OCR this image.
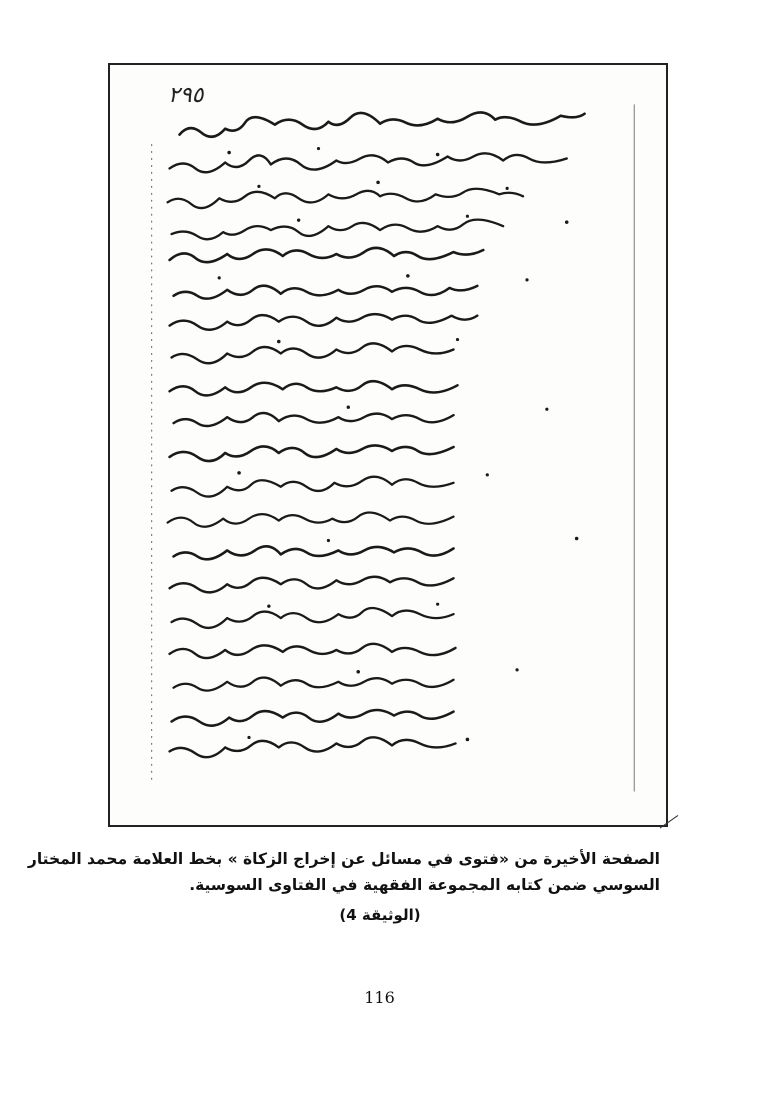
٢٩٥
الصفحة الأخيرة من «فتوى في مسائل عن إخراج الزكاة » بخط العلامة محمد المختار
السوسي ضمن كتابه المجموعة الفقهية في الفتاوى السوسية.
(الوثيقة 4)
116
